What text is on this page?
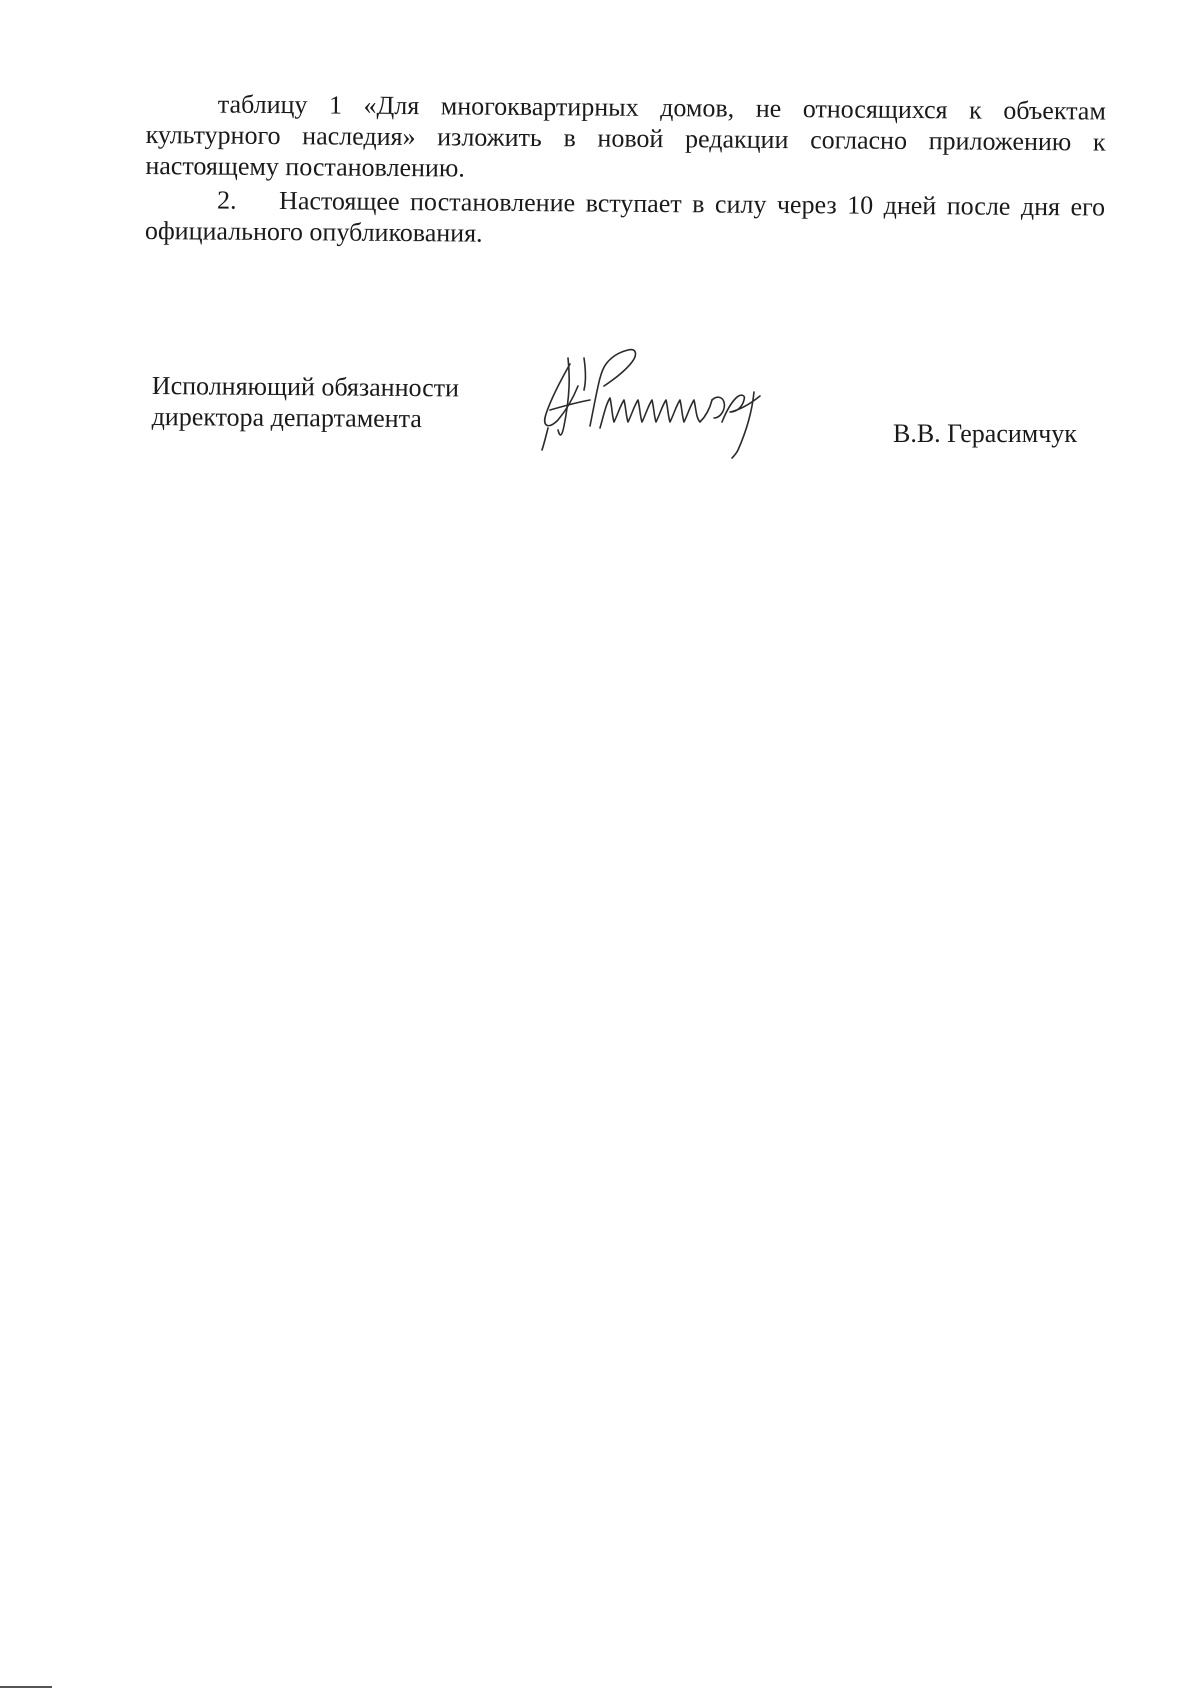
таблицу 1 «Для многоквартирных домов, не относящихся к объектам культурного наследия» изложить в новой редакции согласно приложению к настоящему постановлению.

2. Настоящее постановление вступает в силу через 10 дней после дня его официального опубликования.

Исполняющий обязанности
директора департамента
В.В. Герасимчук
